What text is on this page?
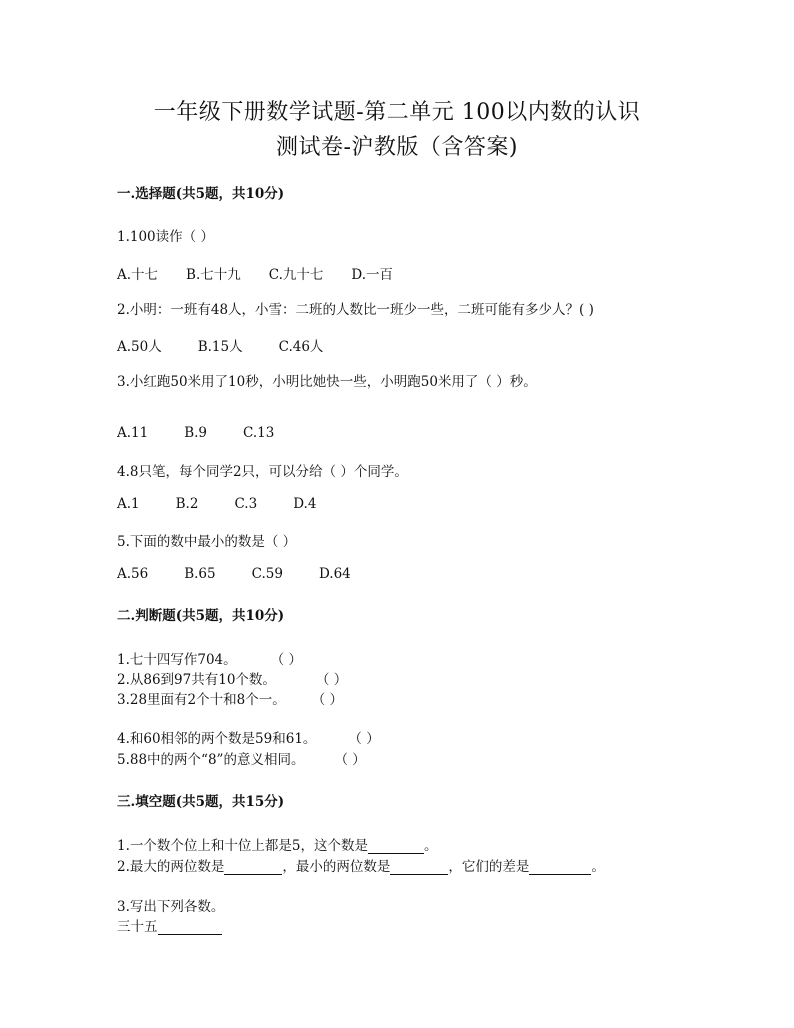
一年级下册数学试题-第二单元 100以内数的认识
测试卷-沪教版（含答案)
一.选择题(共5题，共10分)
1.100读作（ ）
A.十七 B.七十九 C.九十七 D.一百
2.小明：一班有48人，小雪：二班的人数比一班少一些，二班可能有多少人？( )
A.50人	B.15人	C.46人
3.小红跑50米用了10秒，小明比她快一些，小明跑50米用了（ ）秒。
A.11	B.9	C.13
4.8只笔，每个同学2只，可以分给（ ）个同学。
A.1	B.2	C.3	D.4
5.下面的数中最小的数是（ ）
A.56	B.65	C.59	D.64
二.判断题(共5题，共10分)
1.七十四写作704。	（ ）
2.从86到97共有10个数。	（ ）
3.28里面有2个十和8个一。 （ ）
4.和60相邻的两个数是59和61。 （ ）
5.88中的两个“8”的意义相同。 （ ）
三.填空题(共5题，共15分)
1.一个数个位上和十位上都是5，这个数是	。
2.最大的两位数是	，最小的两位数是	，它们的差是	。
3.写出下列各数。
三十五
